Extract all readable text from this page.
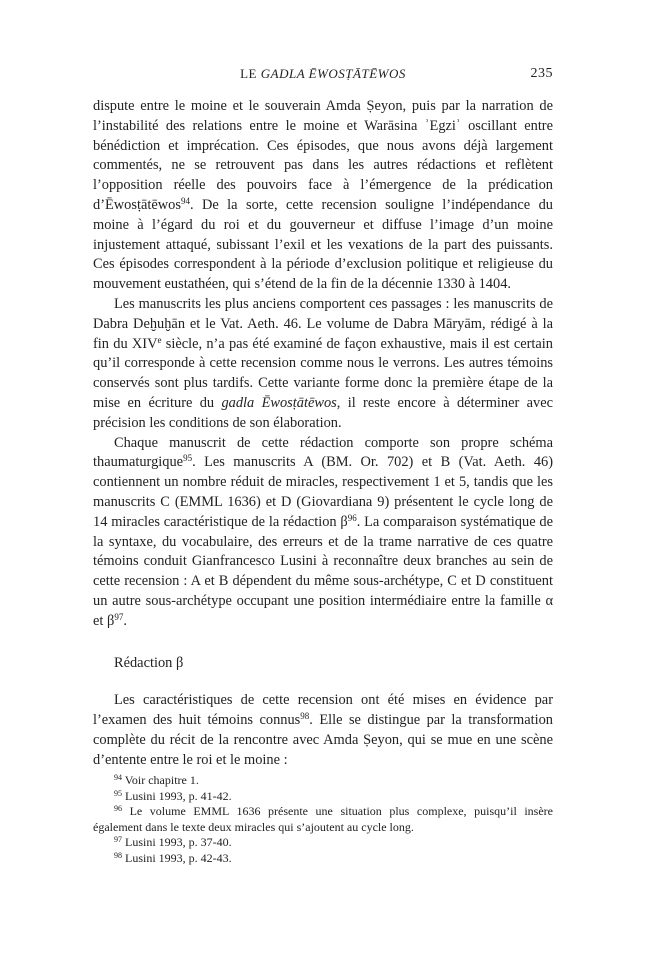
LE GADLA ĒWOSṬĀTĒWOS	235

dispute entre le moine et le souverain Amda Ṣeyon, puis par la narration de l’instabilité des relations entre le moine et Warāsina ʾEgziʾ oscillant entre bénédiction et imprécation. Ces épisodes, que nous avons déjà largement commentés, ne se retrouvent pas dans les autres rédactions et reflètent l’opposition réelle des pouvoirs face à l’émergence de la prédication d’Ēwosṭātēwos$^{94}$. De la sorte, cette recension souligne l’indépendance du moine à l’égard du roi et du gouverneur et diffuse l’image d’un moine injustement attaqué, subissant l’exil et les vexations de la part des puissants. Ces épisodes correspondent à la période d’exclusion politique et religieuse du mouvement eustathéen, qui s’étend de la fin de la décennie 1330 à 1404.

Les manuscrits les plus anciens comportent ces passages : les manuscrits de Dabra Deḫuḫān et le Vat. Aeth. 46. Le volume de Dabra Māryām, rédigé à la fin du XIVe siècle, n’a pas été examiné de façon exhaustive, mais il est certain qu’il corresponde à cette recension comme nous le verrons. Les autres témoins conservés sont plus tardifs. Cette variante forme donc la première étape de la mise en écriture du gadla Ēwosṭātēwos, il reste encore à déterminer avec précision les conditions de son élaboration.

Chaque manuscrit de cette rédaction comporte son propre schéma thaumaturgique$^{95}$. Les manuscrits A (BM. Or. 702) et B (Vat. Aeth. 46) contiennent un nombre réduit de miracles, respectivement 1 et 5, tandis que les manuscrits C (EMML 1636) et D (Giovardiana 9) présentent le cycle long de 14 miracles caractéristique de la rédaction $\beta^{96}$. La comparaison systématique de la syntaxe, du vocabulaire, des erreurs et de la trame narrative de ces quatre témoins conduit Gianfrancesco Lusini à reconnaître deux branches au sein de cette recension : A et B dépendent du même sous-archétype, C et D constituent un autre sous-archétype occupant une position intermédiaire entre la famille α et $\beta^{97}$.

Rédaction β

Les caractéristiques de cette recension ont été mises en évidence par l’examen des huit témoins connus$^{98}$. Elle se distingue par la transformation complète du récit de la rencontre avec Amda Ṣeyon, qui se mue en une scène d’entente entre le roi et le moine :

$^{94}$ Voir chapitre 1.

$^{95}$ Lusini 1993, p. 41-42.

$^{96}$ Le volume EMML 1636 présente une situation plus complexe, puisqu’il insère également dans le texte deux miracles qui s’ajoutent au cycle long.

$^{97}$ Lusini 1993, p. 37-40.

$^{98}$ Lusini 1993, p. 42-43.
